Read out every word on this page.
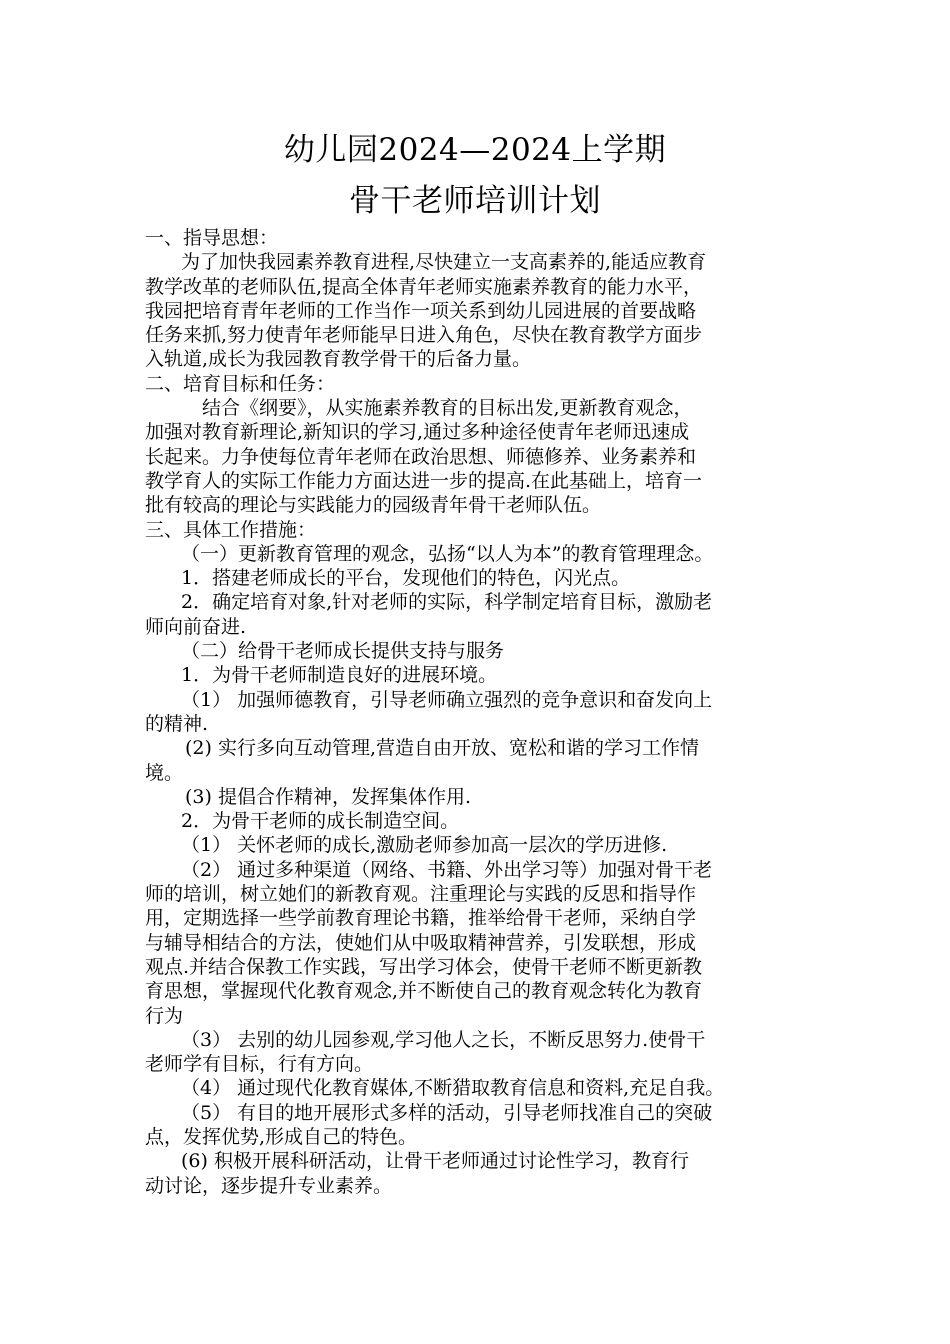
幼儿园2024—2024上学期
骨干老师培训计划
一、指导思想：
为了加快我园素养教育进程,尽快建立一支高素养的,能适应教育
教学改革的老师队伍,提高全体青年老师实施素养教育的能力水平，
我园把培育青年老师的工作当作一项关系到幼儿园进展的首要战略
任务来抓,努力使青年老师能早日进入角色，尽快在教育教学方面步
入轨道,成长为我园教育教学骨干的后备力量。
二、培育目标和任务：
结合《纲要》，从实施素养教育的目标出发,更新教育观念，
加强对教育新理论,新知识的学习,通过多种途径使青年老师迅速成
长起来。力争使每位青年老师在政治思想、师德修养、业务素养和
教学育人的实际工作能力方面达进一步的提高.在此基础上，培育一
批有较高的理论与实践能力的园级青年骨干老师队伍。
三、具体工作措施：
（一）更新教育管理的观念，弘扬“以人为本”的教育管理理念。
1．搭建老师成长的平台，发现他们的特色，闪光点。
2．确定培育对象,针对老师的实际，科学制定培育目标，激励老
师向前奋进.
（二）给骨干老师成长提供支持与服务
1．为骨干老师制造良好的进展环境。
（1） 加强师德教育，引导老师确立强烈的竞争意识和奋发向上
的精神.
(2) 实行多向互动管理,营造自由开放、宽松和谐的学习工作情
境。
(3) 提倡合作精神，发挥集体作用.
2．为骨干老师的成长制造空间。
（1） 关怀老师的成长,激励老师参加高一层次的学历进修.
（2） 通过多种渠道（网络、书籍、外出学习等）加强对骨干老
师的培训，树立她们的新教育观。注重理论与实践的反思和指导作
用，定期选择一些学前教育理论书籍，推举给骨干老师，采纳自学
与辅导相结合的方法，使她们从中吸取精神营养，引发联想，形成
观点.并结合保教工作实践，写出学习体会，使骨干老师不断更新教
育思想，掌握现代化教育观念,并不断使自己的教育观念转化为教育
行为
（3） 去别的幼儿园参观,学习他人之长，不断反思努力.使骨干
老师学有目标，行有方向。
（4） 通过现代化教育媒体,不断猎取教育信息和资料,充足自我。
（5） 有目的地开展形式多样的活动，引导老师找准自己的突破
点，发挥优势,形成自己的特色。
(6) 积极开展科研活动，让骨干老师通过讨论性学习，教育行
动讨论，逐步提升专业素养。
